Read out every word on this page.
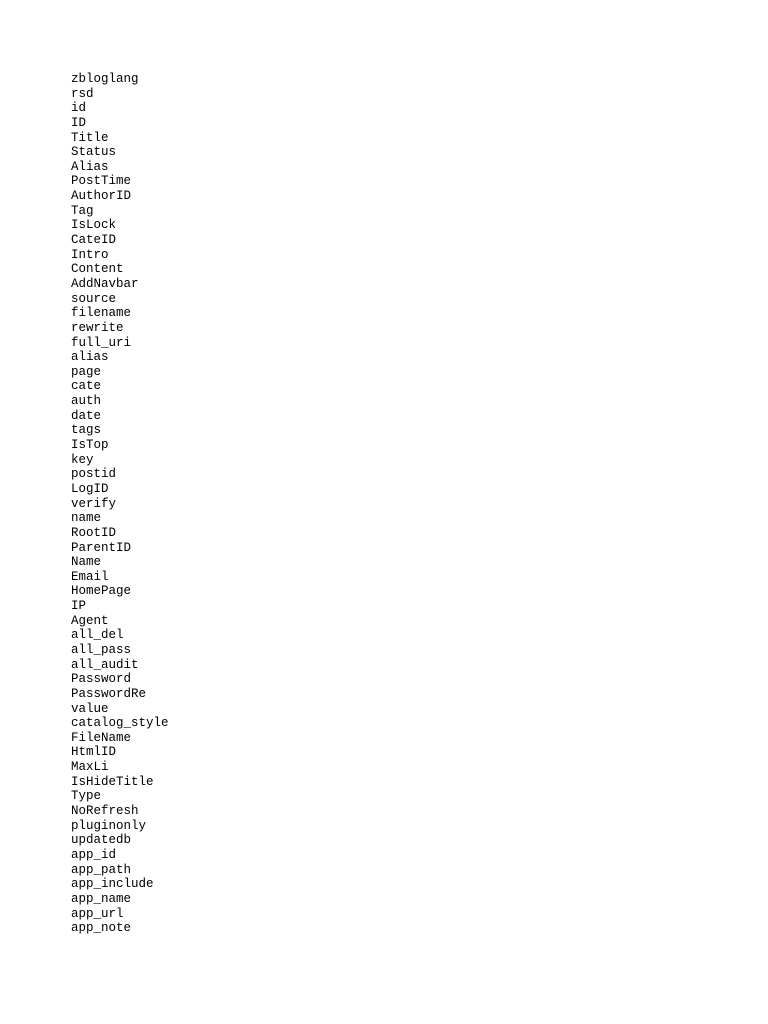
zbloglang
rsd
id
ID
Title
Status
Alias
PostTime
AuthorID
Tag
IsLock
CateID
Intro
Content
AddNavbar
source
filename
rewrite
full_uri
alias
page
cate
auth
date
tags
IsTop
key
postid
LogID
verify
name
RootID
ParentID
Name
Email
HomePage
IP
Agent
all_del
all_pass
all_audit
Password
PasswordRe
value
catalog_style
FileName
HtmlID
MaxLi
IsHideTitle
Type
NoRefresh
pluginonly
updatedb
app_id
app_path
app_include
app_name
app_url
app_note
